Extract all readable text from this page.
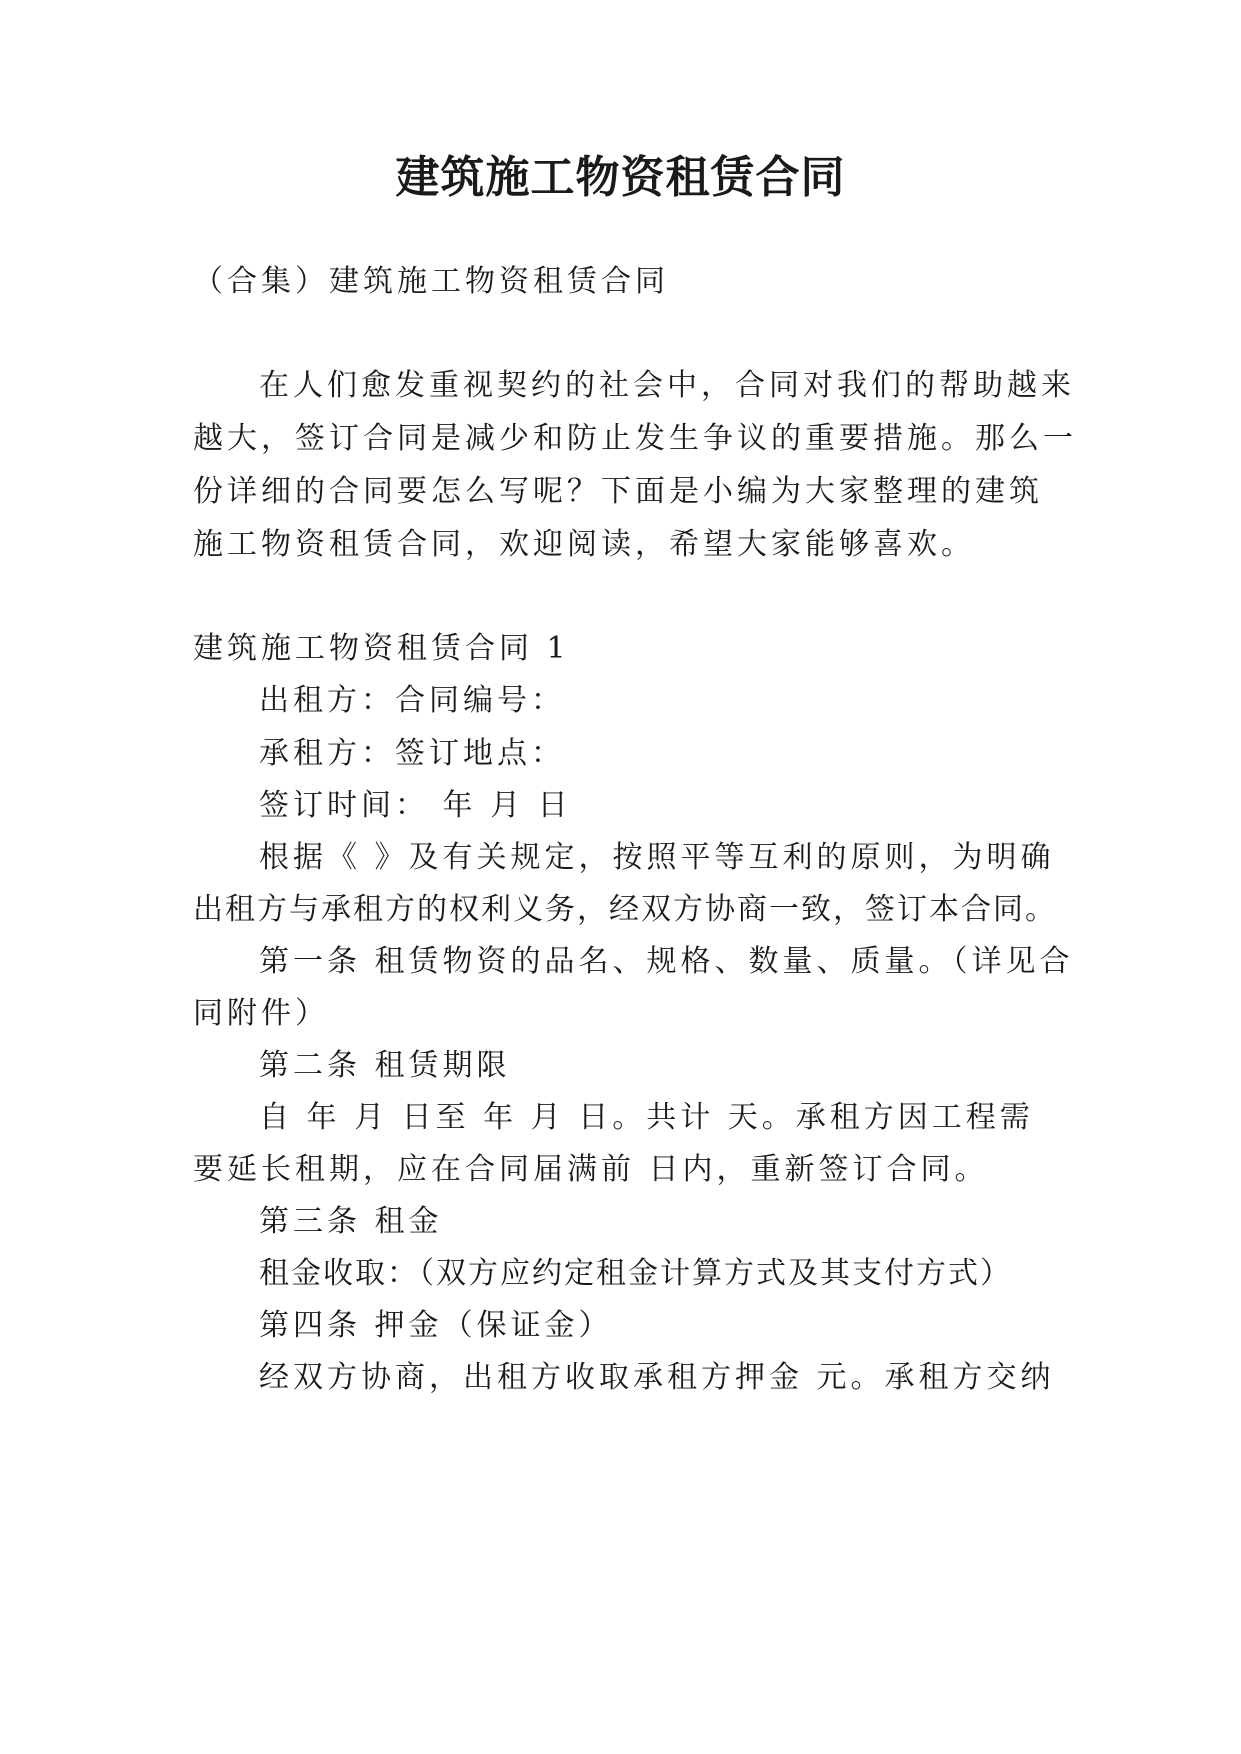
建筑施工物资租赁合同

（合集）建筑施工物资租赁合同

在人们愈发重视契约的社会中，合同对我们的帮助越来

越大，签订合同是减少和防止发生争议的重要措施。那么一

份详细的合同要怎么写呢？下面是小编为大家整理的建筑

施工物资租赁合同，欢迎阅读，希望大家能够喜欢。

建筑施工物资租赁合同 1

出租方：合同编号：

承租方：签订地点：

签订时间： 年 月 日

根据《 》及有关规定，按照平等互利的原则，为明确

出租方与承租方的权利义务，经双方协商一致，签订本合同。

第一条 租赁物资的品名、规格、数量、质量。（详见合

同附件）

第二条 租赁期限

自 年 月 日至 年 月 日。共计 天。承租方因工程需

要延长租期，应在合同届满前 日内，重新签订合同。

第三条 租金

租金收取：（双方应约定租金计算方式及其支付方式）

第四条 押金（保证金）

经双方协商，出租方收取承租方押金 元。承租方交纳
